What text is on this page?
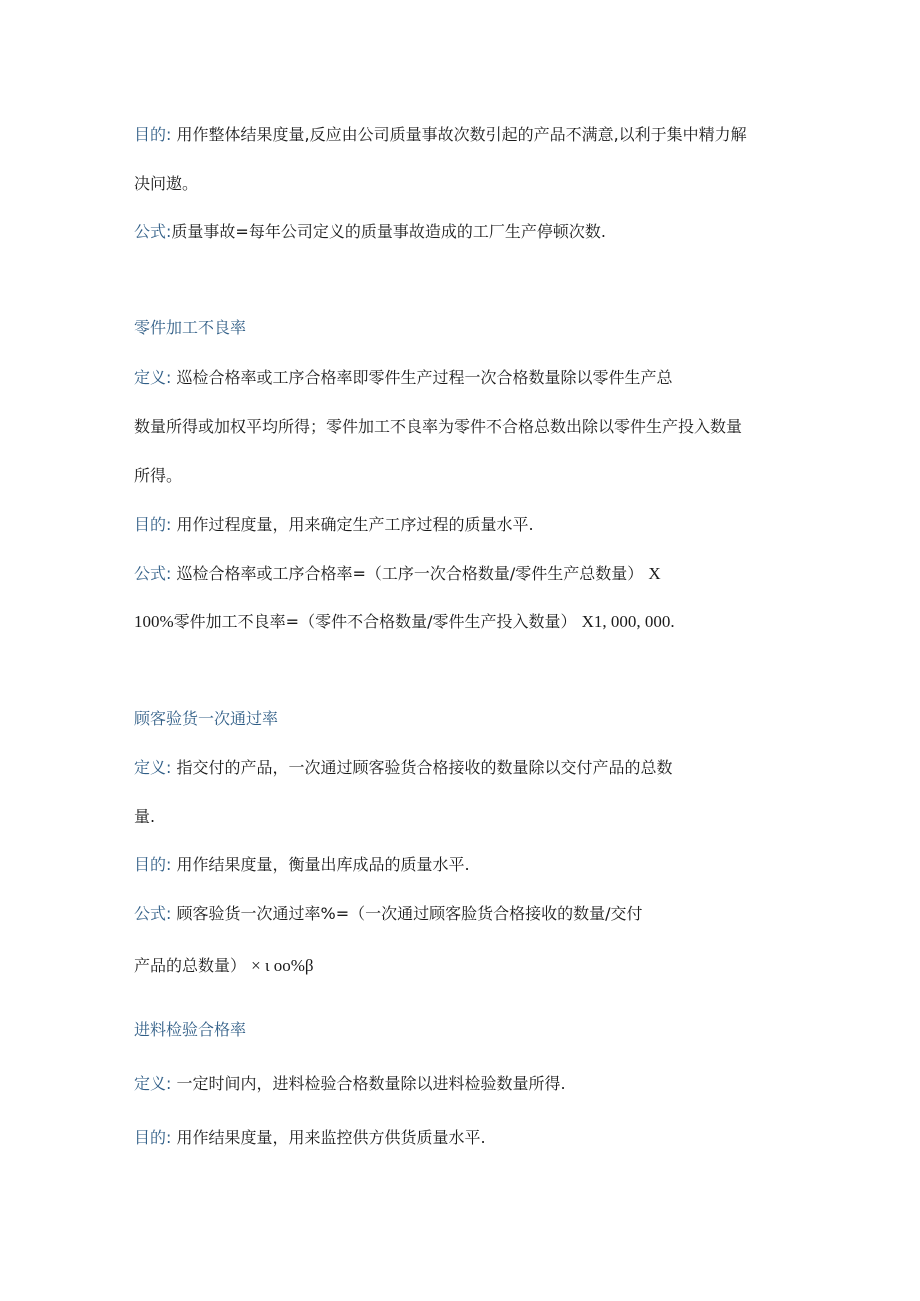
目的: 用作整体结果度量,反应由公司质量事故次数引起的产品不满意,以利于集中精力解
决问遨。
公式:质量事故=每年公司定义的质量事故造成的工厂生产停顿次数.
零件加工不良率
定义: 巡检合格率或工序合格率即零件生产过程一次合格数量除以零件生产总
数量所得或加权平均所得；零件加工不良率为零件不合格总数出除以零件生产投入数量
所得。
目的: 用作过程度量，用来确定生产工序过程的质量水平.
公式: 巡检合格率或工序合格率=（工序一次合格数量/零件生产总数量） X
100%零件加工不良率=（零件不合格数量/零件生产投入数量） X1, 000, 000.
顾客验货一次通过率
定义: 指交付的产品，一次通过顾客验货合格接收的数量除以交付产品的总数
量.
目的: 用作结果度量，衡量出库成品的质量水平.
公式: 顾客验货一次通过率%=（一次通过顾客脸货合格接收的数量/交付
产品的总数量） × ι oo%β
进料检验合格率
定义: 一定时间内，进料检验合格数量除以进料检验数量所得.
目的: 用作结果度量，用来监控供方供货质量水平.
